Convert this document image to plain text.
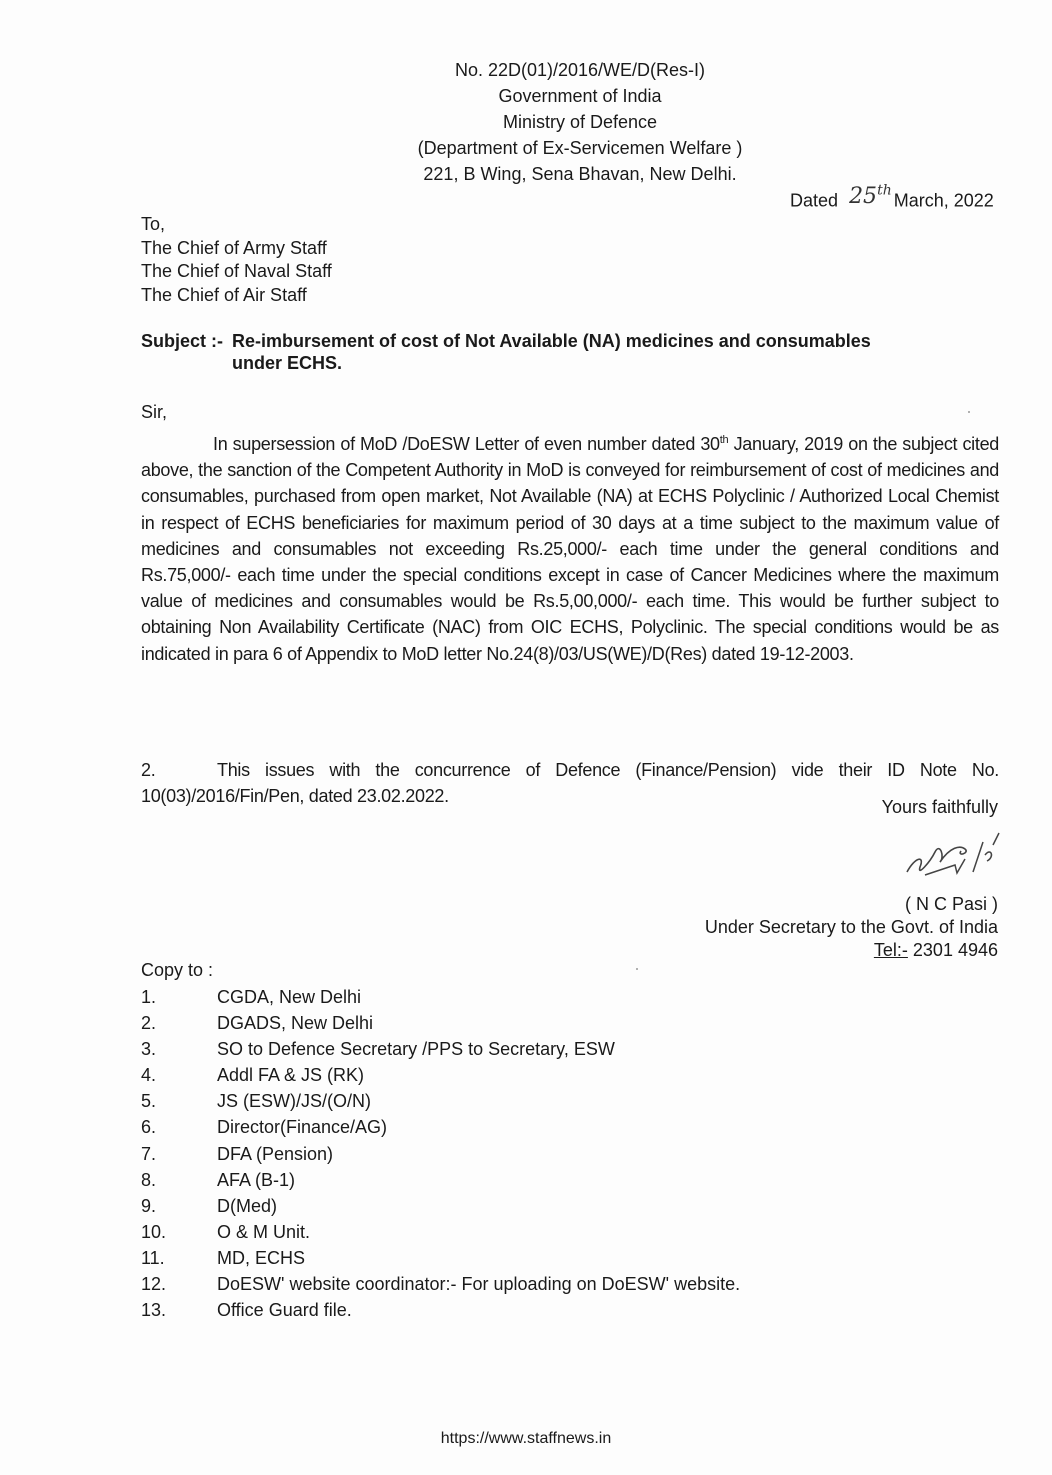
No. 22D(01)/2016/WE/D(Res-I)
Government of India
Ministry of Defence
(Department of Ex-Servicemen Welfare )
221, B Wing, Sena Bhavan, New Delhi.
Dated 25th March, 2022
To,
The Chief of Army Staff
The Chief of Naval Staff
The Chief of Air Staff
Subject :- Re-imbursement of cost of Not Available (NA) medicines and consumables
under ECHS.
Sir,
In supersession of MoD /DoESW Letter of even number dated 30th January, 2019 on the subject cited above, the sanction of the Competent Authority in MoD is conveyed for reimbursement of cost of medicines and consumables, purchased from open market, Not Available (NA) at ECHS Polyclinic / Authorized Local Chemist in respect of ECHS beneficiaries for maximum period of 30 days at a time subject to the maximum value of medicines and consumables not exceeding Rs.25,000/- each time under the general conditions and Rs.75,000/- each time under the special conditions except in case of Cancer Medicines where the maximum value of medicines and consumables would be Rs.5,00,000/- each time. This would be further subject to obtaining Non Availability Certificate (NAC) from OIC ECHS, Polyclinic. The special conditions would be as indicated in para 6 of Appendix to MoD letter No.24(8)/03/US(WE)/D(Res) dated 19-12-2003.
2.	This issues with the concurrence of Defence (Finance/Pension) vide their ID Note No. 10(03)/2016/Fin/Pen, dated 23.02.2022.
Yours faithfully
( N C Pasi )
Under Secretary to the Govt. of India
Tel:- 2301 4946
Copy to :
1.	CGDA, New Delhi
2.	DGADS, New Delhi
3.	SO to Defence Secretary /PPS to Secretary, ESW
4.	Addl FA & JS (RK)
5.	JS (ESW)/JS/(O/N)
6.	Director(Finance/AG)
7.	DFA (Pension)
8.	AFA (B-1)
9.	D(Med)
10.	O & M Unit.
11.	MD, ECHS
12.	DoESW' website coordinator:- For uploading on DoESW' website.
13.	Office Guard file.
https://www.staffnews.in
